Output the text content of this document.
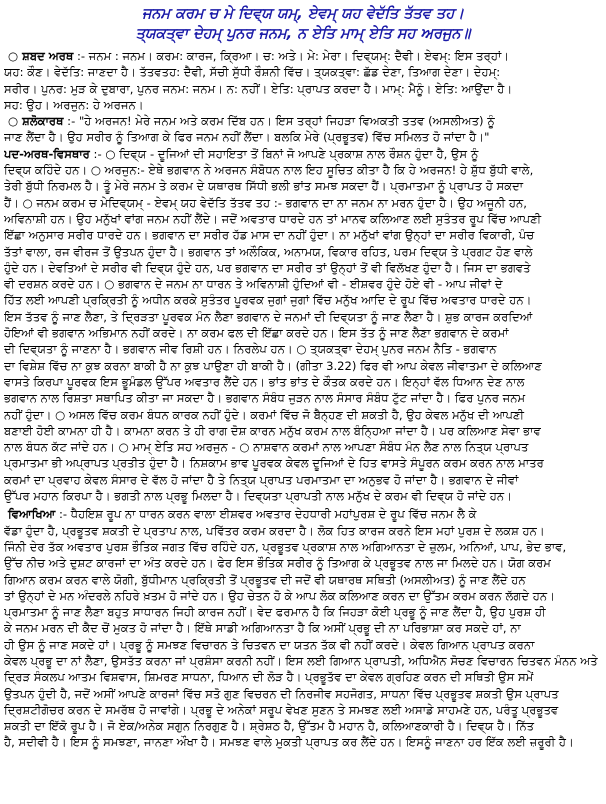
ਜਨਮ ਕਰਮ ਚ ਮੇ ਦਿਵ੍ਯ ਯਮ੍, ਏਵਮ੍ ਯਹ ਵੇਦੱਤਿ ਤੱਤਵ ਤਹ।

ਤ੍ਯਕਤ੍ਵਾ ਦੇਹਮ੍ ਪੁਨਰ ਜਨਮ, ਨ ਏਤਿ ਮਾਮ੍ ਏਤਿ ਸਹ ਅਰਜੁਨ॥

○ ਸ਼ਬਦ ਅਰਥ :- ਜਨਮ : ਜਨਮ। ਕਰਮ: ਕਾਰਜ, ਕ੍ਰਿਆ। ਚ: ਅਤੇ। ਮੇ: ਮੇਰਾ। ਦਿਵ੍ਯਮ੍: ਦੈਵੀ। ਏਵਮ੍: ਇਸ ਤਰ੍ਹਾਂ।

ਯਹ: ਕੌਣ। ਵੇਦੱਤਿ: ਜਾਣਦਾ ਹੈ। ਤੱਤਵਤਹ: ਦੈਵੀ, ਸੱਚੀ ਸੁੱਧੀ ਰੌਸ਼ਨੀ ਵਿੱਚ। ਤ੍ਯਕਤ੍ਵਾ: ਛੱਡ ਦੇਣਾ, ਤਿਆਗ ਦੇਣਾ। ਦੇਹਮ੍:

ਸਰੀਰ। ਪੁਨਰ: ਮੁੜ ਕੇ ਦੁਬਾਰਾ, ਪੁਨਰ ਜਨਮ: ਜਨਮ। ਨ: ਨਹੀਂ। ਏਤਿ: ਪ੍ਰਾਪਤ ਕਰਦਾ ਹੈ। ਮਾਮ੍: ਮੈਨੂੰ। ਏਤਿ: ਆਉਂਦਾ ਹੈ।

ਸਹ: ਉਹ। ਅਰਜੁਨ: ਹੇ ਅਰਜਨ।

○ ਸ਼ਲੋਕਾਰਥ :- "ਹੇ ਅਰਜਨ! ਮੇਰੇ ਜਨਮ ਅਤੇ ਕਰਮ ਦਿੱਬ ਹਨ। ਇਸ ਤਰ੍ਹਾਂ ਜਿਹੜਾ ਵਿਅਕਤੀ ਤਤਵ (ਅਸਲੀਅਤ) ਨੂੰ

ਜਾਣ ਲੈਂਦਾ ਹੈ। ਉਹ ਸਰੀਰ ਨੂੰ ਤਿਆਗ ਕੇ ਫਿਰ ਜਨਮ ਨਹੀਂ ਲੈਂਦਾ। ਬਲਕਿ ਮੇਰੇ (ਪ੍ਰਭੂਤਵ) ਵਿੱਚ ਸਮਿਲਤ ਹੋ ਜਾਂਦਾ ਹੈ।"

ਪਦ-ਅਰਥ-ਵਿਸਥਾਰ :- ○ ਦਿਵ੍ਯ - ਦੂਜਿਆਂ ਦੀ ਸਹਾਇਤਾ ਤੋਂ ਬਿਨਾਂ ਜੋ ਆਪਣੇ ਪ੍ਰਕਾਸ਼ ਨਾਲ ਰੌਸ਼ਨ ਹੁੰਦਾ ਹੈ, ਉਸ ਨੂੰ

ਦਿਵ੍ਯ ਕਹਿੰਦੇ ਹਨ। ○ ਅਰਜੁਨ:- ਏਥੇ ਭਗਵਾਨ ਨੇ ਅਰਜਨ ਸੰਬੋਧਨ ਨਾਲ ਇਹ ਸੂਚਿਤ ਕੀਤਾ ਹੈ ਕਿ ਹੇ ਅਰਜਨ! ਹੇ ਸ਼ੁੱਧ ਬੁੱਧੀ ਵਾਲੇ,

ਤੇਰੀ ਬੁੱਧੀ ਨਿਰਮਲ ਹੈ। ਤੂੰ ਮੇਰੇ ਜਨਮ ਤੇ ਕਰਮ ਦੇ ਯਥਾਰਥ ਸਿੱਧੀ ਭਲੀ ਭਾਂਤ ਸਮਝ ਸਕਦਾ ਹੈਂ। ਪ੍ਰਮਾਤਮਾ ਨੂੰ ਪ੍ਰਾਪਤ ਹੋ ਸਕਦਾ

ਹੈਂ। ○ ਜਨਮ ਕਰਮ ਚ ਮੇਦਿਵ੍ਯਮ੍ - ਏਵਮ੍ ਯਹ ਵੇਦੱਤਿ ਤੱਤਵ ਤਹ :- ਭਗਵਾਨ ਦਾ ਨਾ ਜਨਮ ਨਾ ਮਰਨ ਹੁੰਦਾ ਹੈ। ਉਹ ਅਜੂਨੀ ਹਨ,

ਅਵਿਨਾਸ਼ੀ ਹਨ। ਉਹ ਮਨੁੱਖਾਂ ਵਾਂਗ ਜਨਮ ਨਹੀਂ ਲੈਂਦੇ। ਜਦੋਂ ਅਵਤਾਰ ਧਾਰਦੇ ਹਨ ਤਾਂ ਮਾਨਵ ਕਲਿਆਣ ਲਈ ਸੁਤੰਤਰ ਰੂਪ ਵਿੱਚ ਆਪਣੀ

ਇੱਛਾ ਅਨੁਸਾਰ ਸਰੀਰ ਧਾਰਦੇ ਹਨ। ਭਗਵਾਨ ਦਾ ਸਰੀਰ ਹੱਡ ਮਾਸ ਦਾ ਨਹੀਂ ਹੁੰਦਾ। ਨਾ ਮਨੁੱਖਾਂ ਵਾਂਗ ਉਨ੍ਹਾਂ ਦਾ ਸਰੀਰ ਵਿਕਾਰੀ, ਪੰਚ

ਤੱਤਾਂ ਵਾਲਾ, ਰਜ ਵੀਰਜ ਤੋਂ ਉਤਪਨ ਹੁੰਦਾ ਹੈ। ਭਗਵਾਨ ਤਾਂ ਅਲੌਕਿਕ, ਅਨਾਮਯ, ਵਿਕਾਰ ਰਹਿਤ, ਪਰਮ ਦਿਵ੍ਯ ਤੇ ਪ੍ਰਗਟ ਹੋਣ ਵਾਲੇ

ਹੁੰਦੇ ਹਨ। ਦੇਵਤਿਆਂ ਦੇ ਸਰੀਰ ਵੀ ਦਿਵ੍ਯ ਹੁੰਦੇ ਹਨ, ਪਰ ਭਗਵਾਨ ਦਾ ਸਰੀਰ ਤਾਂ ਉਨ੍ਹਾਂ ਤੋਂ ਵੀ ਵਿਲੱਖਣ ਹੁੰਦਾ ਹੈ। ਜਿਸ ਦਾ ਭਗਵਤੇ

ਵੀ ਦਰਸ਼ਨ ਕਰਦੇ ਹਨ। ○ ਭਗਵਾਨ ਦੇ ਜਨਮ ਨਾ ਧਾਰਨ ਤੇ ਅਵਿਨਾਸ਼ੀ ਹੁੰਦਿਆਂ ਵੀ - ਈਸ਼ਵਰ ਹੁੰਦੇ ਹੋਏ ਵੀ - ਆਪ ਜੀਵਾਂ ਦੇ

ਹਿੱਤ ਲਈ ਆਪਣੀ ਪ੍ਰਕ੍ਰਿਤੀ ਨੂੰ ਅਧੀਨ ਕਰਕੇ ਸੁਤੰਤਰ ਪੂਰਵਕ ਜੁਗਾਂ ਜੁਗਾਂ ਵਿੱਚ ਮਨੁੱਖ ਆਦਿ ਦੇ ਰੂਪ ਵਿੱਚ ਅਵਤਾਰ ਧਾਰਦੇ ਹਨ।

ਇਸ ਤੱਤਵ ਨੂੰ ਜਾਣ ਲੈਣਾ, ਤੇ ਦ੍ਰਿੜਤਾ ਪੂਰਵਕ ਮੰਨ ਲੈਣਾ ਭਗਵਾਨ ਦੇ ਜਨਮਾਂ ਦੀ ਦਿਵ੍ਯਤਾ ਨੂੰ ਜਾਣ ਲੈਣਾ ਹੈ। ਸ਼ੁਭ ਕਾਰਜ ਕਰਦਿਆਂ

ਹੋਇਆਂ ਵੀ ਭਗਵਾਨ ਅਭਿਮਾਨ ਨਹੀਂ ਕਰਦੇ। ਨਾ ਕਰਮ ਫਲ ਦੀ ਇੱਛਾ ਕਰਦੇ ਹਨ। ਇਸ ਤੱਤ ਨੂੰ ਜਾਣ ਲੈਣਾ ਭਗਵਾਨ ਦੇ ਕਰਮਾਂ

ਦੀ ਦਿਵ੍ਯਤਾ ਨੂੰ ਜਾਣਨਾ ਹੈ। ਭਗਵਾਨ ਜੀਵ ਰਿਸ਼ੀ ਹਨ। ਨਿਰਲੇਪ ਹਨ। ○ ਤ੍ਯਕਤ੍ਵਾ ਦੇਹਮ੍ ਪੁਨਰ ਜਨਮ ਨੈਤਿ - ਭਗਵਾਨ

ਦਾ ਵਿਸ਼ੇਸ਼ ਵਿੱਚ ਨਾ ਕੁਝ ਕਰਨਾ ਬਾਕੀ ਹੈ ਨਾ ਕੁਝ ਪਾਉਣਾ ਹੀ ਬਾਕੀ ਹੈ। (ਗੀਤਾ 3.22) ਫਿਰ ਵੀ ਆਪ ਕੇਵਲ ਜੀਵਾਤਮਾ ਦੇ ਕਲਿਆਣ

ਵਾਸਤੇ ਕਿਰਪਾ ਪੂਰਵਕ ਇਸ ਭੂਮੰਡਲ ਉੱਪਰ ਅਵਤਾਰ ਲੈਂਦੇ ਹਨ। ਭਾਂਤ ਭਾਂਤ ਦੇ ਕੌਤਕ ਕਰਦੇ ਹਨ। ਇਨ੍ਹਾਂ ਵੱਲ ਧਿਆਨ ਦੇਣ ਨਾਲ

ਭਗਵਾਨ ਨਾਲ ਰਿਸ਼ਤਾ ਸਥਾਪਿਤ ਕੀਤਾ ਜਾ ਸਕਦਾ ਹੈ। ਭਗਵਾਨ ਸੰਬੰਧ ਜੁੜਨ ਨਾਲ ਸੰਸਾਰ ਸੰਬੰਧ ਟੁੱਟ ਜਾਂਦਾ ਹੈ। ਫਿਰ ਪੁਨਰ ਜਨਮ

ਨਹੀਂ ਹੁੰਦਾ। ○ ਅਸਲ ਵਿੱਚ ਕਰਮ ਬੰਧਨ ਕਾਰਕ ਨਹੀਂ ਹੁੰਦੇ। ਕਰਮਾਂ ਵਿੱਚ ਜੋ ਬੈਨ੍ਹਣ ਦੀ ਸ਼ਕਤੀ ਹੈ, ਉਹ ਕੇਵਲ ਮਨੁੱਖ ਦੀ ਆਪਣੀ

ਬਣਾਈ ਹੋਈ ਕਾਮਨਾ ਹੀ ਹੈ। ਕਾਮਨਾ ਕਰਨ ਤੇ ਹੀ ਰਾਗ ਦੋਸ਼ ਕਾਰਨ ਮਨੁੱਖ ਕਰਮ ਨਾਲ ਬੰਨ੍ਹਿਆ ਜਾਂਦਾ ਹੈ। ਪਰ ਕਲਿਆਣ ਸੇਵਾ ਭਾਵ

ਨਾਲ ਬੰਧਨ ਕੱਟ ਜਾਂਦੇ ਹਨ। ○ ਮਾਮ੍ ਏਤਿ ਸਹ ਅਰਜੁਨ - ○ ਨਾਸ਼ਵਾਨ ਕਰਮਾਂ ਨਾਲ ਆਪਣਾ ਸੰਬੰਧ ਮੰਨ ਲੈਣ ਨਾਲ ਨਿਤ੍ਯ ਪ੍ਰਾਪਤ

ਪ੍ਰਮਾਤਮਾ ਭੀ ਅਪ੍ਰਾਪਤ ਪ੍ਰਤੀਤ ਹੁੰਦਾ ਹੈ। ਨਿਸ਼ਕਾਮ ਭਾਵ ਪੂਰਵਕ ਕੇਵਲ ਦੂਜਿਆਂ ਦੇ ਹਿਤ ਵਾਸਤੇ ਸੰਪੂਰਨ ਕਰਮ ਕਰਨ ਨਾਲ ਮਾਤਰ

ਕਰਮਾਂ ਦਾ ਪ੍ਰਵਾਹ ਕੇਵਲ ਸੰਸਾਰ ਦੇ ਵੱਲ ਹੋ ਜਾਂਦਾ ਹੈ ਤੇ ਨਿਤ੍ਯ ਪ੍ਰਾਪਤ ਪਰਮਾਤਮਾ ਦਾ ਅਨੁਭਵ ਹੋ ਜਾਂਦਾ ਹੈ। ਭਗਵਾਨ ਦੇ ਜੀਵਾਂ

ਉੱਪਰ ਮਹਾਨ ਕਿਰਪਾ ਹੈ। ਭਗਤੀ ਨਾਲ ਪ੍ਰਭੂ ਮਿਲਦਾ ਹੈ। ਦਿਵ੍ਯਤਾ ਪ੍ਰਾਪਤੀ ਨਾਲ ਮਨੁੱਖ ਦੇ ਕਰਮ ਵੀ ਦਿਵ੍ਯ ਹੋ ਜਾਂਦੇ ਹਨ।

ਵਿਆਖਿਆ :- ਧੈਹਇਸ਼ ਰੂਪ ਨਾ ਧਾਰਨ ਕਰਨ ਵਾਲਾ ਈਸ਼ਵਰ ਅਵਤਾਰ ਦੇਹਧਾਰੀ ਮਹਾਂਪੁਰਸ਼ ਦੇ ਰੂਪ ਵਿੱਚ ਜਨਮ ਲੈ ਕੇ

ਵੱਡਾ ਹੁੰਦਾ ਹੈ, ਪ੍ਰਭੂਤਵ ਸ਼ਕਤੀ ਦੇ ਪ੍ਰਤਾਪ ਨਾਲ, ਪਵਿੱਤਰ ਕਰਮ ਕਰਦਾ ਹੈ। ਲੋਕ ਹਿਤ ਕਾਰਜ ਕਰਨੇ ਇਸ ਮਹਾਂ ਪੁਰਸ਼ ਦੇ ਲਕਸ਼ ਹਨ।

ਜਿੰਨੀ ਦੇਰ ਤੱਕ ਅਵਤਾਰ ਪੁਰਸ਼ ਭੌਤਿਕ ਜਗਤ ਵਿੱਚ ਰਹਿੰਦੇ ਹਨ, ਪ੍ਰਭੂਤਵ ਪ੍ਰਕਾਸ਼ ਨਾਲ ਅਗਿਆਨਤਾ ਦੇ ਜ਼ੁਲਮ, ਅਨਿਆਂ, ਪਾਪ, ਭੇਦ ਭਾਵ,

ਉੱਚ ਨੀਚ ਅਤੇ ਦੁਸ਼ਟ ਕਾਰਜਾਂ ਦਾ ਅੰਤ ਕਰਦੇ ਹਨ। ਫੇਰ ਇਸ ਭੌਤਿਕ ਸਰੀਰ ਨੂੰ ਤਿਆਗ ਕੇ ਪ੍ਰਭੂਤਵ ਨਾਲ ਜਾ ਮਿਲਦੇ ਹਨ। ਯੋਗ ਕਰਮ

ਗਿਆਨ ਕਰਮ ਕਰਨ ਵਾਲੇ ਯੋਗੀ, ਬੁੱਧੀਮਾਨ ਪ੍ਰਕ੍ਰਿਤੀ ਤੋਂ ਪ੍ਰਭੂਤਵ ਦੀ ਜਦੋਂ ਵੀ ਯਥਾਰਥ ਸਥਿਤੀ (ਅਸਲੀਅਤ) ਨੂੰ ਜਾਣ ਲੈਂਦੇ ਹਨ

ਤਾਂ ਉਨ੍ਹਾਂ ਦੇ ਮਨ ਅੰਦਰਲੇ ਨਹਿਰੇ ਖ਼ਤਮ ਹੋ ਜਾਂਦੇ ਹਨ। ਉਹ ਚੇਤਨ ਹੋ ਕੇ ਆਪ ਲੋਕ ਕਲਿਆਣ ਕਰਨ ਦਾ ਉੱਤਮ ਕਰਮ ਕਰਨ ਲੱਗਦੇ ਹਨ।

ਪ੍ਰਮਾਤਮਾ ਨੂੰ ਜਾਣ ਲੈਣਾ ਬਹੁਤ ਸਾਧਾਰਨ ਜਿਹੀ ਕਾਰਜ ਨਹੀਂ। ਵੇਦ ਫਰਮਾਨ ਹੈ ਕਿ ਜਿਹੜਾ ਕੋਈ ਪ੍ਰਭੂ ਨੂੰ ਜਾਣ ਲੈਂਦਾ ਹੈ, ਉਹ ਪੁਰਸ਼ ਹੀ

ਕੇ ਜਨਮ ਮਰਨ ਦੀ ਕੈਦ ਚੋਂ ਮੁਕਤ ਹੋ ਜਾਂਦਾ ਹੈ। ਇੱਥੇ ਸਾਡੀ ਅਗਿਆਨਤਾ ਹੈ ਕਿ ਅਸੀਂ ਪ੍ਰਭੂ ਦੀ ਨਾ ਪਰਿਭਾਸ਼ਾ ਕਰ ਸਕਦੇ ਹਾਂ, ਨਾ

ਹੀ ਉਸ ਨੂੰ ਜਾਣ ਸਕਦੇ ਹਾਂ। ਪ੍ਰਭੂ ਨੂੰ ਸਮਝਣ ਵਿਚਾਰਨ ਤੇ ਚਿਤਵਨ ਦਾ ਯਤਨ ਤੱਕ ਵੀ ਨਹੀਂ ਕਰਦੇ। ਕੇਵਲ ਗਿਆਨ ਪ੍ਰਾਪਤ ਕਰਨਾ

ਕੇਵਲ ਪ੍ਰਭੂ ਦਾ ਨਾਂ ਲੈਣਾ, ਉਸਤੱਤ ਕਰਨਾ ਜਾਂ ਪ੍ਰਸ਼ੰਸਾ ਕਰਨੀ ਨਹੀਂ। ਇਸ ਲਈ ਗਿਆਨ ਪ੍ਰਾਪਤੀ, ਅਧਿਐਨ ਸੋਚਣ ਵਿਚਾਰਨ ਚਿਤਵਨ ਮੰਨਨ ਅਤੇ

ਦ੍ਰਿੜ ਸੰਕਲਪ ਆਤਮ ਵਿਸ਼ਵਾਸ, ਸ਼ਿਮਰਣ ਸਾਧਨਾ, ਧਿਆਨ ਦੀ ਲੋੜ ਹੈ। ਪ੍ਰਭੂਤੱਵ ਦਾ ਕੇਵਲ ਗ੍ਰਹਿਣ ਕਰਨ ਦੀ ਸਥਿਤੀ ਉਸ ਸਮੇਂ

ਉਤਪਨ ਹੁੰਦੀ ਹੈ, ਜਦੋਂ ਅਸੀਂ ਆਪਣੇ ਕਾਰਜਾਂ ਵਿੱਚ ਸਤੋ ਗੁਣ ਵਿਚਰਨ ਦੀ ਨਿਰਜੀਵ ਸਹਜੋਗਤ, ਸਾਧਨਾ ਵਿੱਚ ਪ੍ਰਭੂਤਵ ਸ਼ਕਤੀ ਉਸ ਪ੍ਰਾਪਤ

ਦ੍ਰਿਸ਼ਟੀਗੋਚਰ ਕਰਨ ਦੇ ਸਮਰੱਥ ਹੋ ਜਾਵਾਂਗੇ। ਪ੍ਰਭੂ ਦੇ ਅਨੇਕਾਂ ਸਰੂਪ ਵੇਖਣ ਸੁਣਨ ਤੇ ਸਮਝਣ ਲਈ ਅਸਾਡੇ ਸਾਹਮਣੇ ਹਨ, ਪਰੰਤੂ ਪ੍ਰਭੂਤਵ

ਸ਼ਕਤੀ ਦਾ ਇੱਕੋ ਰੂਪ ਹੈ। ਜੋ ਏਕ/ਅਨੇਕ ਸਗੁਨ ਨਿਰਗੁਣ ਹੈ। ਸ਼੍ਰੇਸ਼ਠ ਹੈ, ਉੱਤਮ ਹੈ ਮਹਾਨ ਹੈ, ਕਲਿਆਣਕਾਰੀ ਹੈ। ਦਿਵ੍ਯ ਹੈ। ਨਿੱਤ

ਹੈ, ਸਦੀਵੀ ਹੈ। ਇਸ ਨੂੰ ਸਮਝਣਾ, ਜਾਨਣਾ ਔਖਾ ਹੈ। ਸਮਝਣ ਵਾਲੇ ਮੁਕਤੀ ਪ੍ਰਾਪਤ ਕਰ ਲੈਂਦੇ ਹਨ। ਇਸਨੂੰ ਜਾਣਨਾ ਹਰ ਇੱਕ ਲਈ ਜ਼ਰੂਰੀ ਹੈ।
